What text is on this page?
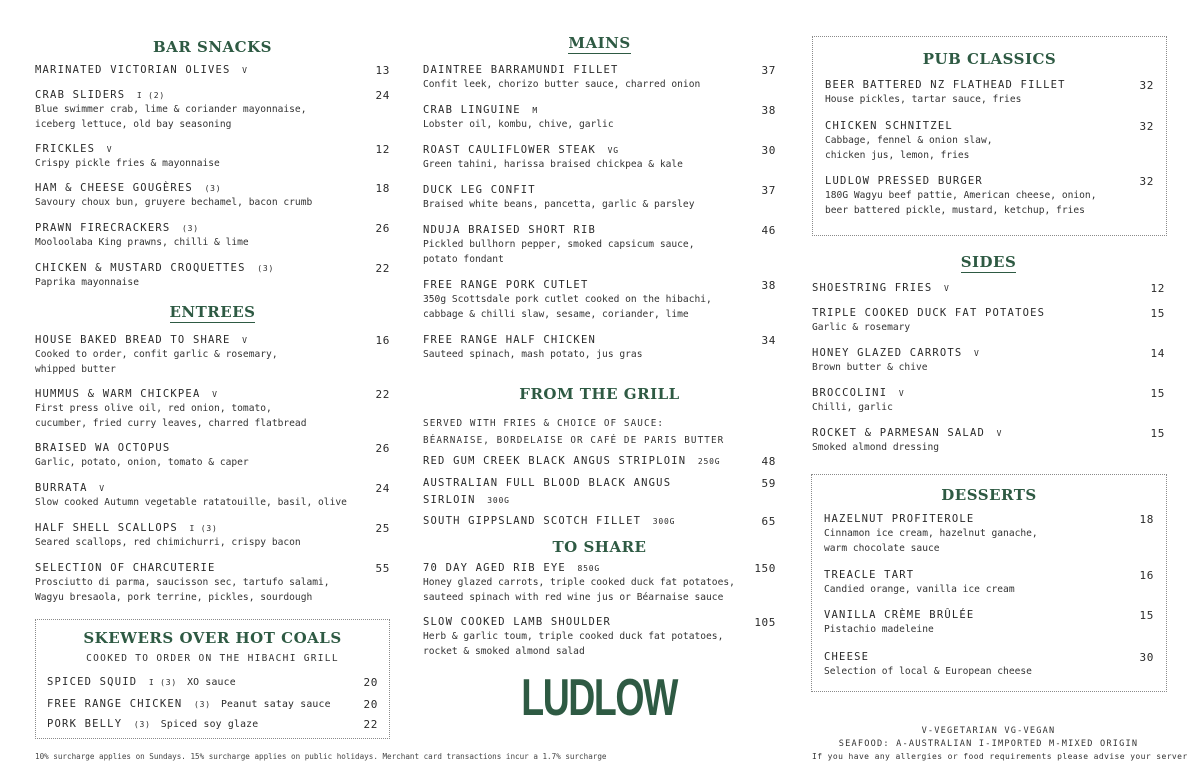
BAR SNACKS
MARINATED VICTORIAN OLIVES V	13
CRAB SLIDERS I (2)	24
Blue swimmer crab, lime & coriander mayonnaise,
iceberg lettuce, old bay seasoning
FRICKLES V	12
Crispy pickle fries & mayonnaise
HAM & CHEESE GOUGÈRES (3)	18
Savoury choux bun, gruyere bechamel, bacon crumb
PRAWN FIRECRACKERS (3)	26
Mooloolaba King prawns, chilli & lime
CHICKEN & MUSTARD CROQUETTES (3)	22
Paprika mayonnaise
ENTREES
HOUSE BAKED BREAD TO SHARE V	16
Cooked to order, confit garlic & rosemary,
whipped butter
HUMMUS & WARM CHICKPEA V	22
First press olive oil, red onion, tomato,
cucumber, fried curry leaves, charred flatbread
BRAISED WA OCTOPUS	26
Garlic, potato, onion, tomato & caper
BURRATA V	24
Slow cooked Autumn vegetable ratatouille, basil, olive
HALF SHELL SCALLOPS I (3)	25
Seared scallops, red chimichurri, crispy bacon
SELECTION OF CHARCUTERIE	55
Prosciutto di parma, saucisson sec, tartufo salami,
Wagyu bresaola, pork terrine, pickles, sourdough
SKEWERS OVER HOT COALS
COOKED TO ORDER ON THE HIBACHI GRILL
SPICED SQUID I (3) XO sauce	20
FREE RANGE CHICKEN (3) Peanut satay sauce	20
PORK BELLY (3) Spiced soy glaze	22
10% surcharge applies on Sundays. 15% surcharge applies on public holidays. Merchant card transactions incur a 1.7% surcharge
MAINS
DAINTREE BARRAMUNDI FILLET	37
Confit leek, chorizo butter sauce, charred onion
CRAB LINGUINE M	38
Lobster oil, kombu, chive, garlic
ROAST CAULIFLOWER STEAK VG	30
Green tahini, harissa braised chickpea & kale
DUCK LEG CONFIT	37
Braised white beans, pancetta, garlic & parsley
NDUJA BRAISED SHORT RIB	46
Pickled bullhorn pepper, smoked capsicum sauce,
potato fondant
FREE RANGE PORK CUTLET	38
350g Scottsdale pork cutlet cooked on the hibachi,
cabbage & chilli slaw, sesame, coriander, lime
FREE RANGE HALF CHICKEN	34
Sauteed spinach, mash potato, jus gras
FROM THE GRILL
SERVED WITH FRIES & CHOICE OF SAUCE:
BÉARNAISE, BORDELAISE OR CAFÉ DE PARIS BUTTER
RED GUM CREEK BLACK ANGUS STRIPLOIN 250G	48
AUSTRALIAN FULL BLOOD BLACK ANGUS
SIRLOIN 300G
59
SOUTH GIPPSLAND SCOTCH FILLET 300G	65
TO SHARE
70 DAY AGED RIB EYE 850G	150
Honey glazed carrots, triple cooked duck fat potatoes,
sauteed spinach with red wine jus or Béarnaise sauce
SLOW COOKED LAMB SHOULDER	105
Herb & garlic toum, triple cooked duck fat potatoes,
rocket & smoked almond salad
LUDLOW
PUB CLASSICS
BEER BATTERED NZ FLATHEAD FILLET	32
House pickles, tartar sauce, fries
CHICKEN SCHNITZEL	32
Cabbage, fennel & onion slaw,
chicken jus, lemon, fries
LUDLOW PRESSED BURGER	32
180G Wagyu beef pattie, American cheese, onion,
beer battered pickle, mustard, ketchup, fries
SIDES
SHOESTRING FRIES V	12
TRIPLE COOKED DUCK FAT POTATOES	15
Garlic & rosemary
HONEY GLAZED CARROTS V	14
Brown butter & chive
BROCCOLINI V	15
Chilli, garlic
ROCKET & PARMESAN SALAD V	15
Smoked almond dressing
DESSERTS
HAZELNUT PROFITEROLE	18
Cinnamon ice cream, hazelnut ganache,
warm chocolate sauce
TREACLE TART	16
Candied orange, vanilla ice cream
VANILLA CRÈME BRÛLÉE	15
Pistachio madeleine
CHEESE	30
Selection of local & European cheese
V-VEGETARIAN VG-VEGAN
SEAFOOD: A-AUSTRALIAN I-IMPORTED M-MIXED ORIGIN
If you have any allergies or food requirements please advise your server
